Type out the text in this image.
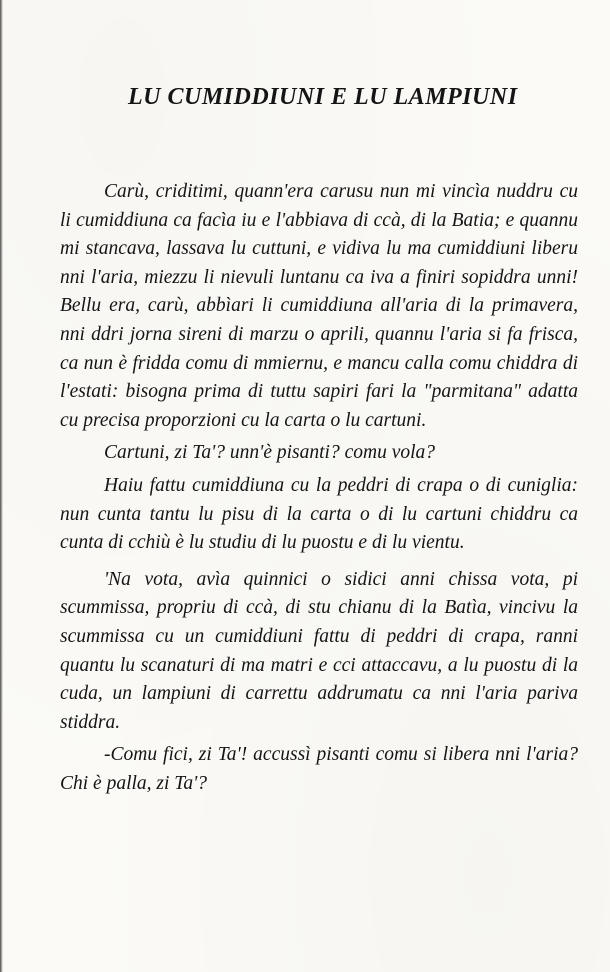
LU CUMIDDIUNI E LU LAMPIUNI

Carù, criditimi, quann'era carusu nun mi vincìa nuddru cu li cumiddiuna ca facìa iu e l'abbiava di ccà, di la Batia; e quannu mi stancava, lassava lu cuttuni, e vidiva lu ma cumiddiuni liberu nni l'aria, miezzu li nievuli luntanu ca iva a finiri sopiddra unni! Bellu era, carù, abbìari li cumiddiuna all'aria di la primavera, nni ddri jorna sireni di marzu o aprili, quannu l'aria si fa frisca, ca nun è fridda comu di mmiernu, e mancu calla comu chiddra di l'estati: bisogna prima di tuttu sapiri fari la "parmitana" adatta cu precisa proporzioni cu la carta o lu cartuni.

Cartuni, zi Ta'? unn'è pisanti? comu vola?

Haiu fattu cumiddiuna cu la peddri di crapa o di cuniglia: nun cunta tantu lu pisu di la carta o di lu cartuni chiddru ca cunta di cchiù è lu studiu di lu puostu e di lu vientu.

'Na vota, avìa quinnici o sidici anni chissa vota, pi scummissa, propriu di ccà, di stu chianu di la Batìa, vincivu la scummissa cu un cumiddiuni fattu di peddri di crapa, ranni quantu lu scanaturi di ma matri e cci attaccavu, a lu puostu di la cuda, un lampiuni di carrettu addrumatu ca nni l'aria pariva stiddra.

-Comu fici, zi Ta'! accussì pisanti comu si libera nni l'aria? Chi è palla, zi Ta'?
